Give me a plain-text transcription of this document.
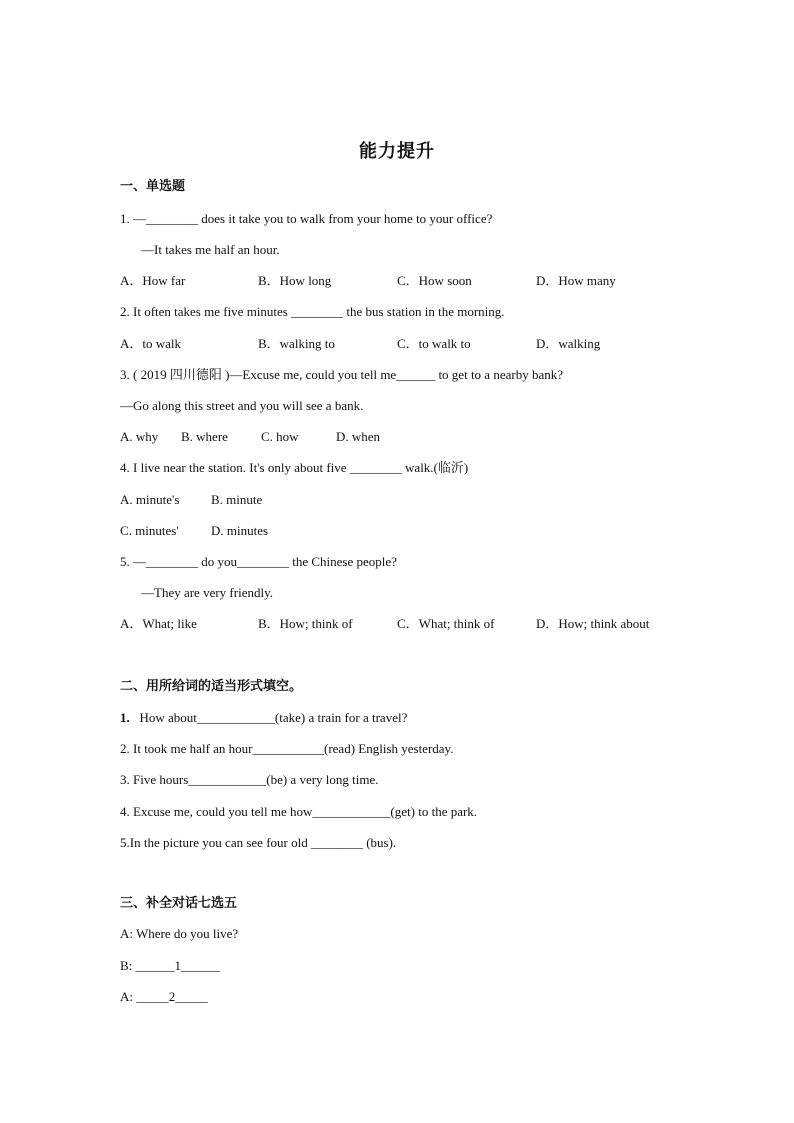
能力提升
一、单选题
1. —________ does it take you to walk from your home to your office?
—It takes me half an hour.
A．How far	B．How long	C．How soon	D．How many
2. It often takes me five minutes ________ the bus station in the morning.
A．to walk	B．walking to	C．to walk to	D．walking
3. ( 2019 四川德阳 )—Excuse me, could you tell me______ to get to a nearby bank?
—Go along this street and you will see a bank.
A. why B. where	C. how	D. when
4. I live near the station. It's only about five ________ walk.(临沂)
A. minute's B. minute
C. minutes' D. minutes
5. —________ do you________ the Chinese people?
—They are very friendly.
A．What; like	B．How; think of	C．What; think of	D．How; think about
二、用所给词的适当形式填空。
1.   How about____________(take) a train for a travel?
2. It took me half an hour___________(read) English yesterday.
3. Five hours____________(be) a very long time.
4. Excuse me, could you tell me how____________(get) to the park.
5.In the picture you can see four old ________ (bus).
三、补全对话七选五
A: Where do you live?
B: ______1______
A: _____2_____
